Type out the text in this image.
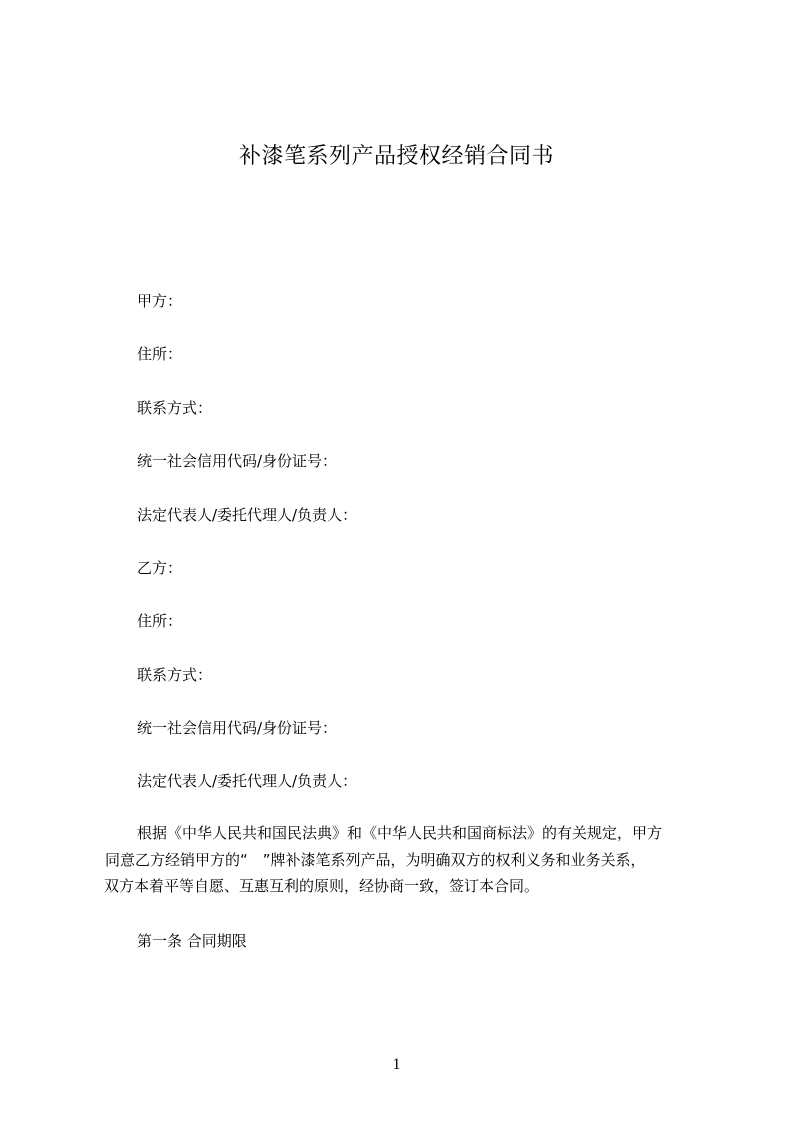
补漆笔系列产品授权经销合同书
甲方：
住所：
联系方式：
统一社会信用代码/身份证号：
法定代表人/委托代理人/负责人：
乙方：
住所：
联系方式：
统一社会信用代码/身份证号：
法定代表人/委托代理人/负责人：
根据《中华人民共和国民法典》和《中华人民共和国商标法》的有关规定，甲方
同意乙方经销甲方的“　”牌补漆笔系列产品，为明确双方的权利义务和业务关系，
双方本着平等自愿、互惠互利的原则，经协商一致，签订本合同。
第一条 合同期限
1
